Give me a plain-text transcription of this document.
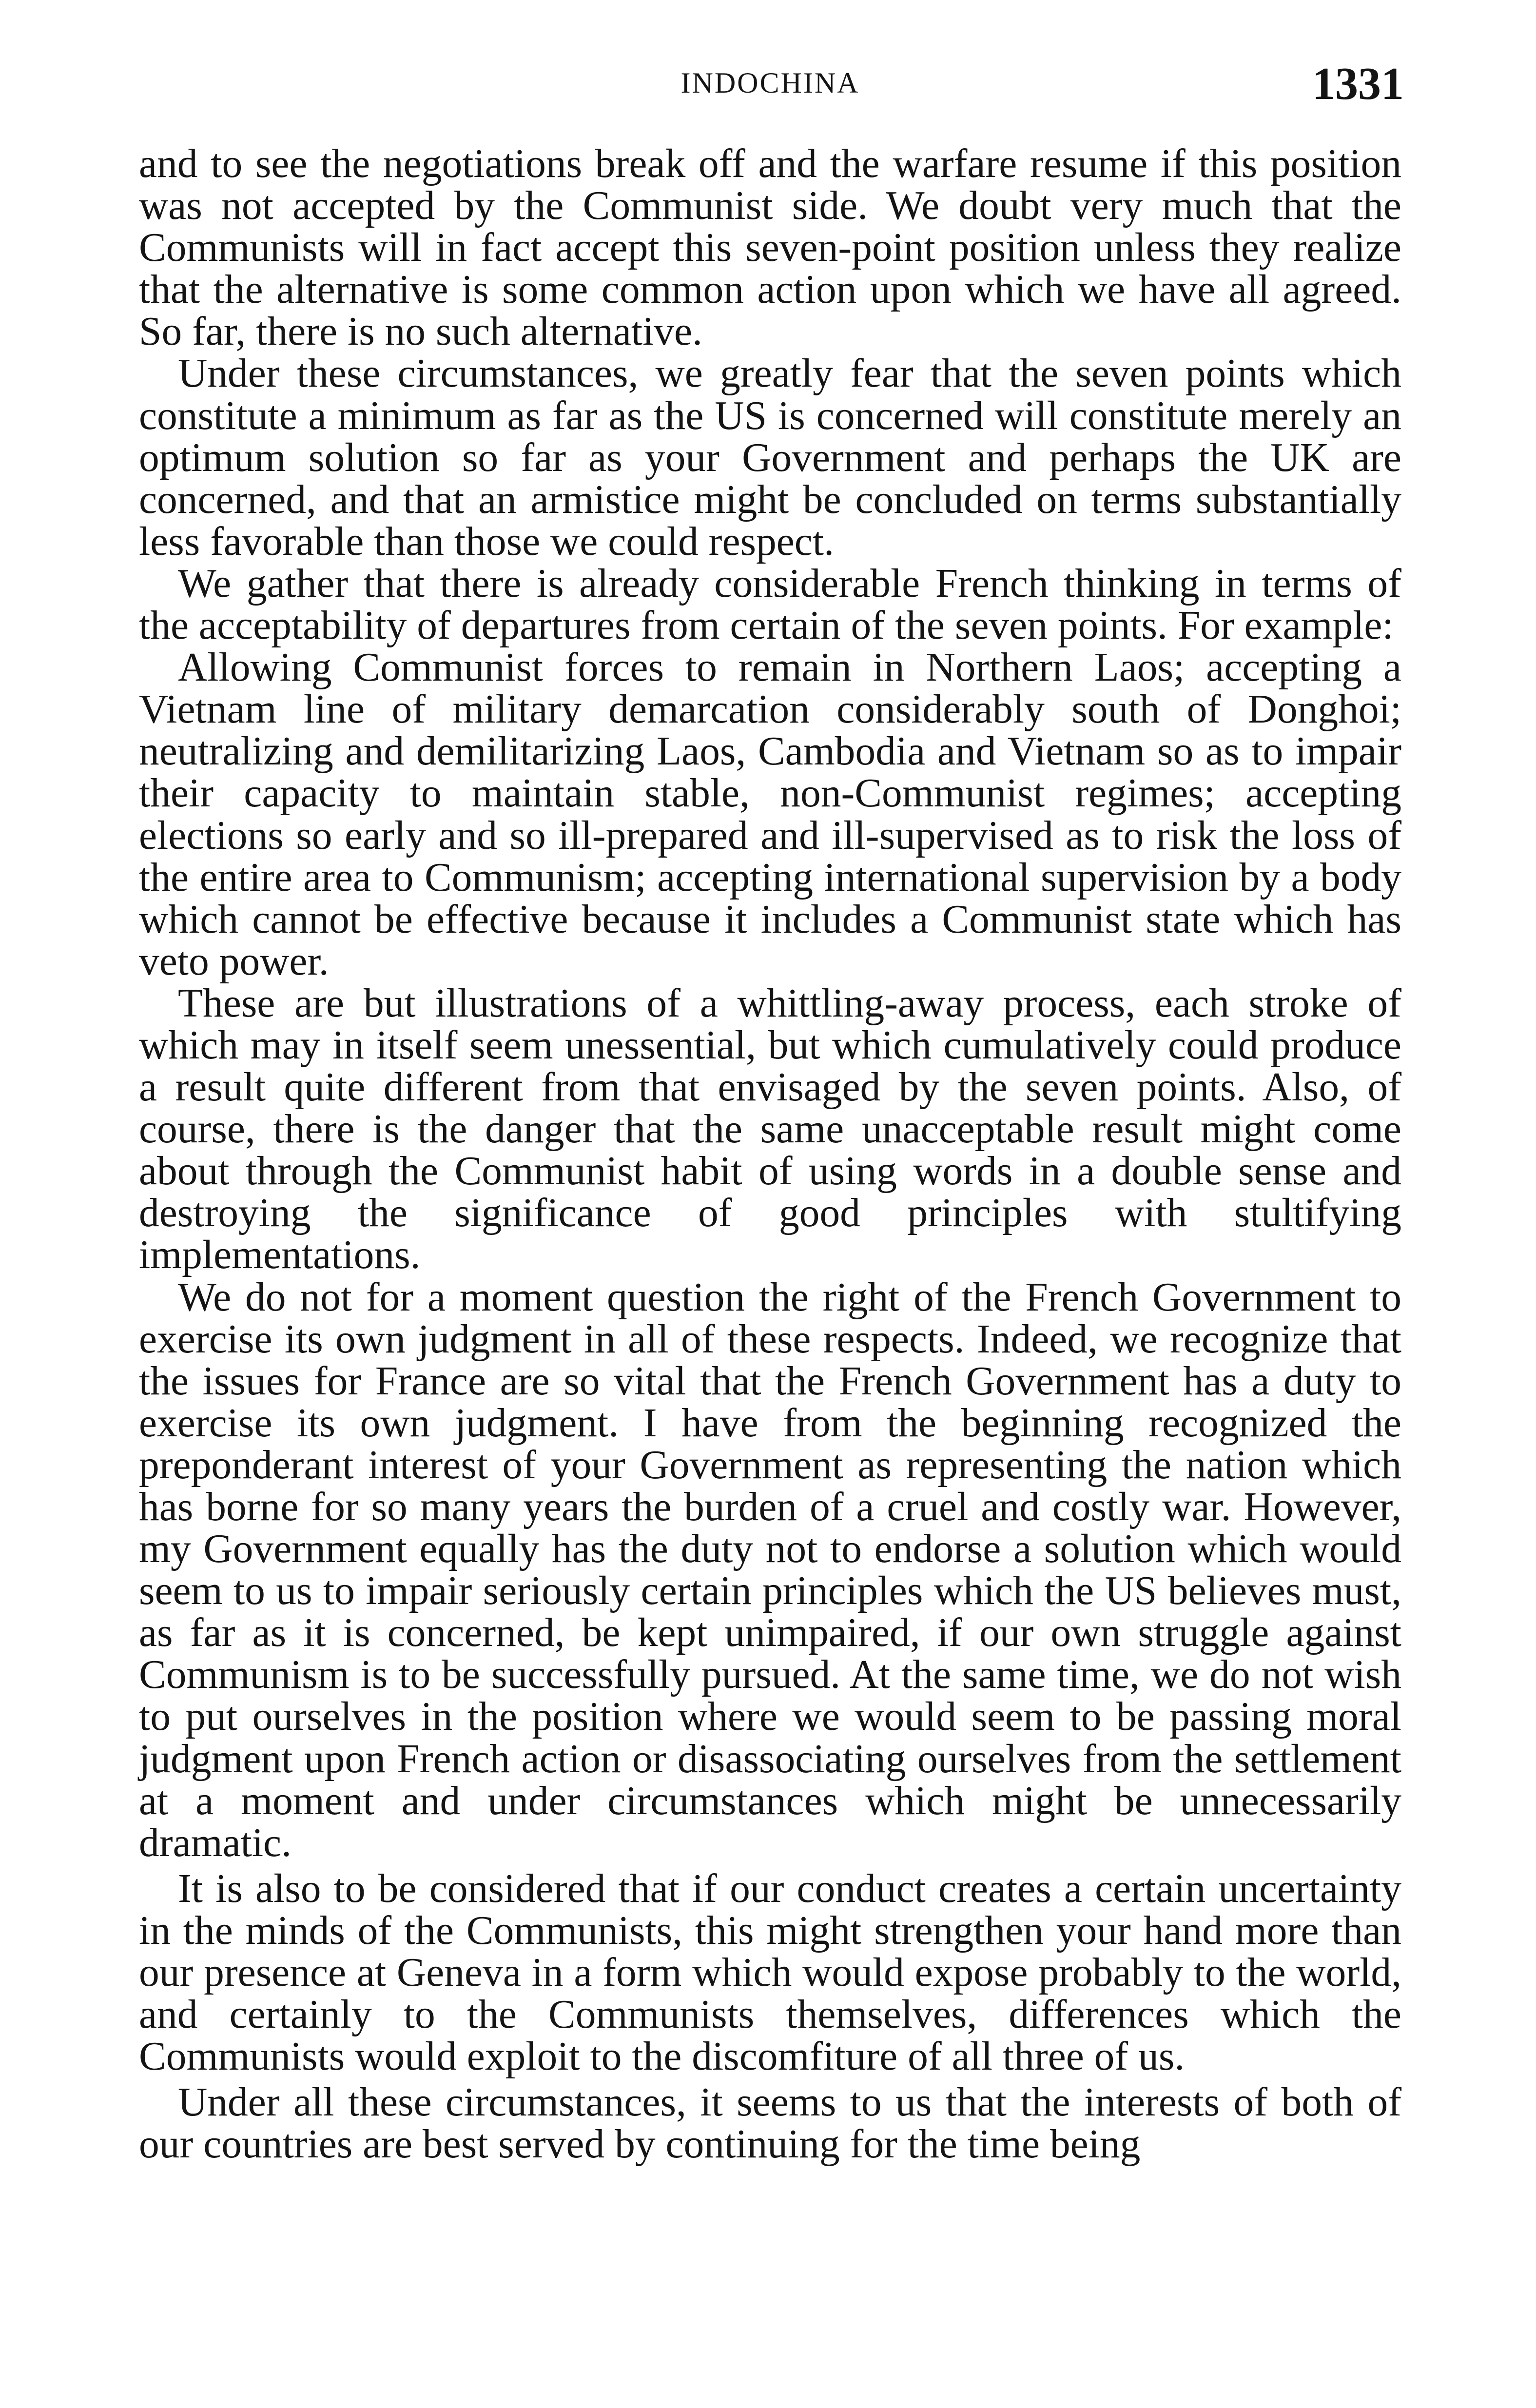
INDOCHINA	1331

and to see the negotiations break off and the warfare resume if this position was not accepted by the Communist side. We doubt very much that the Communists will in fact accept this seven-point position unless they realize that the alternative is some common action upon which we have all agreed. So far, there is no such alternative.

Under these circumstances, we greatly fear that the seven points which constitute a minimum as far as the US is concerned will constitute merely an optimum solution so far as your Government and perhaps the UK are concerned, and that an armistice might be concluded on terms substantially less favorable than those we could respect.

We gather that there is already considerable French thinking in terms of the acceptability of departures from certain of the seven points. For example:

Allowing Communist forces to remain in Northern Laos; accepting a Vietnam line of military demarcation considerably south of Donghoi; neutralizing and demilitarizing Laos, Cambodia and Vietnam so as to impair their capacity to maintain stable, non-Communist regimes; accepting elections so early and so ill-prepared and ill-supervised as to risk the loss of the entire area to Communism; accepting international supervision by a body which cannot be effective because it includes a Communist state which has veto power.

These are but illustrations of a whittling-away process, each stroke of which may in itself seem unessential, but which cumulatively could produce a result quite different from that envisaged by the seven points. Also, of course, there is the danger that the same unacceptable result might come about through the Communist habit of using words in a double sense and destroying the significance of good principles with stultifying implementations.

We do not for a moment question the right of the French Government to exercise its own judgment in all of these respects. Indeed, we recognize that the issues for France are so vital that the French Government has a duty to exercise its own judgment. I have from the beginning recognized the preponderant interest of your Government as representing the nation which has borne for so many years the burden of a cruel and costly war. However, my Government equally has the duty not to endorse a solution which would seem to us to impair seriously certain principles which the US believes must, as far as it is concerned, be kept unimpaired, if our own struggle against Communism is to be successfully pursued. At the same time, we do not wish to put ourselves in the position where we would seem to be passing moral judgment upon French action or disassociating ourselves from the settlement at a moment and under circumstances which might be unnecessarily dramatic.

It is also to be considered that if our conduct creates a certain uncertainty in the minds of the Communists, this might strengthen your hand more than our presence at Geneva in a form which would expose probably to the world, and certainly to the Communists themselves, differences which the Communists would exploit to the discomfiture of all three of us.

Under all these circumstances, it seems to us that the interests of both of our countries are best served by continuing for the time being
